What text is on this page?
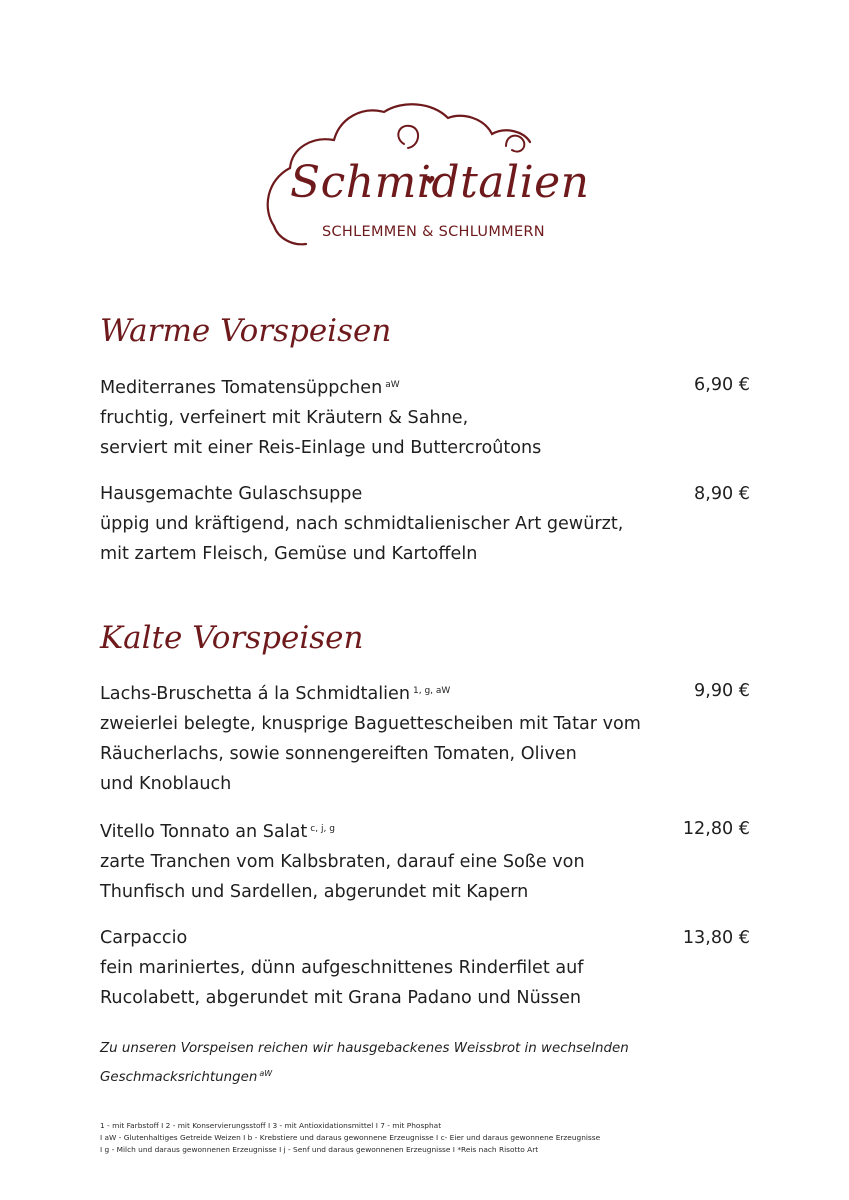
Schmidtalien
SCHLEMMEN & SCHLUMMERN
Warme Vorspeisen
Mediterranes Tomatensüppchen $^{aW}$
fruchtig, verfeinert mit Kräutern & Sahne,
serviert mit einer Reis-Einlage und Buttercroûtons
6,90 €
Hausgemachte Gulaschsuppe
üppig und kräftigend, nach schmidtalienischer Art gewürzt,
mit zartem Fleisch, Gemüse und Kartoffeln
8,90 €
Kalte Vorspeisen
Lachs-Bruschetta á la Schmidtalien $^{1, g, aW}$
zweierlei belegte, knusprige Baguettescheiben mit Tatar vom
Räucherlachs, sowie sonnengereiften Tomaten, Oliven
und Knoblauch
9,90 €
Vitello Tonnato an Salat $^{c, j, g}$
zarte Tranchen vom Kalbsbraten, darauf eine Soße von
Thunfisch und Sardellen, abgerundet mit Kapern
12,80 €
Carpaccio
fein mariniertes, dünn aufgeschnittenes Rinderfilet auf
Rucolabett, abgerundet mit Grana Padano und Nüssen
13,80 €
Zu unseren Vorspeisen reichen wir hausgebackenes Weissbrot in wechselnden
Geschmacksrichtungen $^{aW}$
1 - mit Farbstoff I 2 - mit Konservierungsstoff I 3 - mit Antioxidationsmittel I 7 - mit Phosphat
I aW - Glutenhaltiges Getreide Weizen I b - Krebstiere und daraus gewonnene Erzeugnisse I c- Eier und daraus gewonnene Erzeugnisse
I g - Milch und daraus gewonnenen Erzeugnisse I j - Senf und daraus gewonnenen Erzeugnisse I *Reis nach Risotto Art
